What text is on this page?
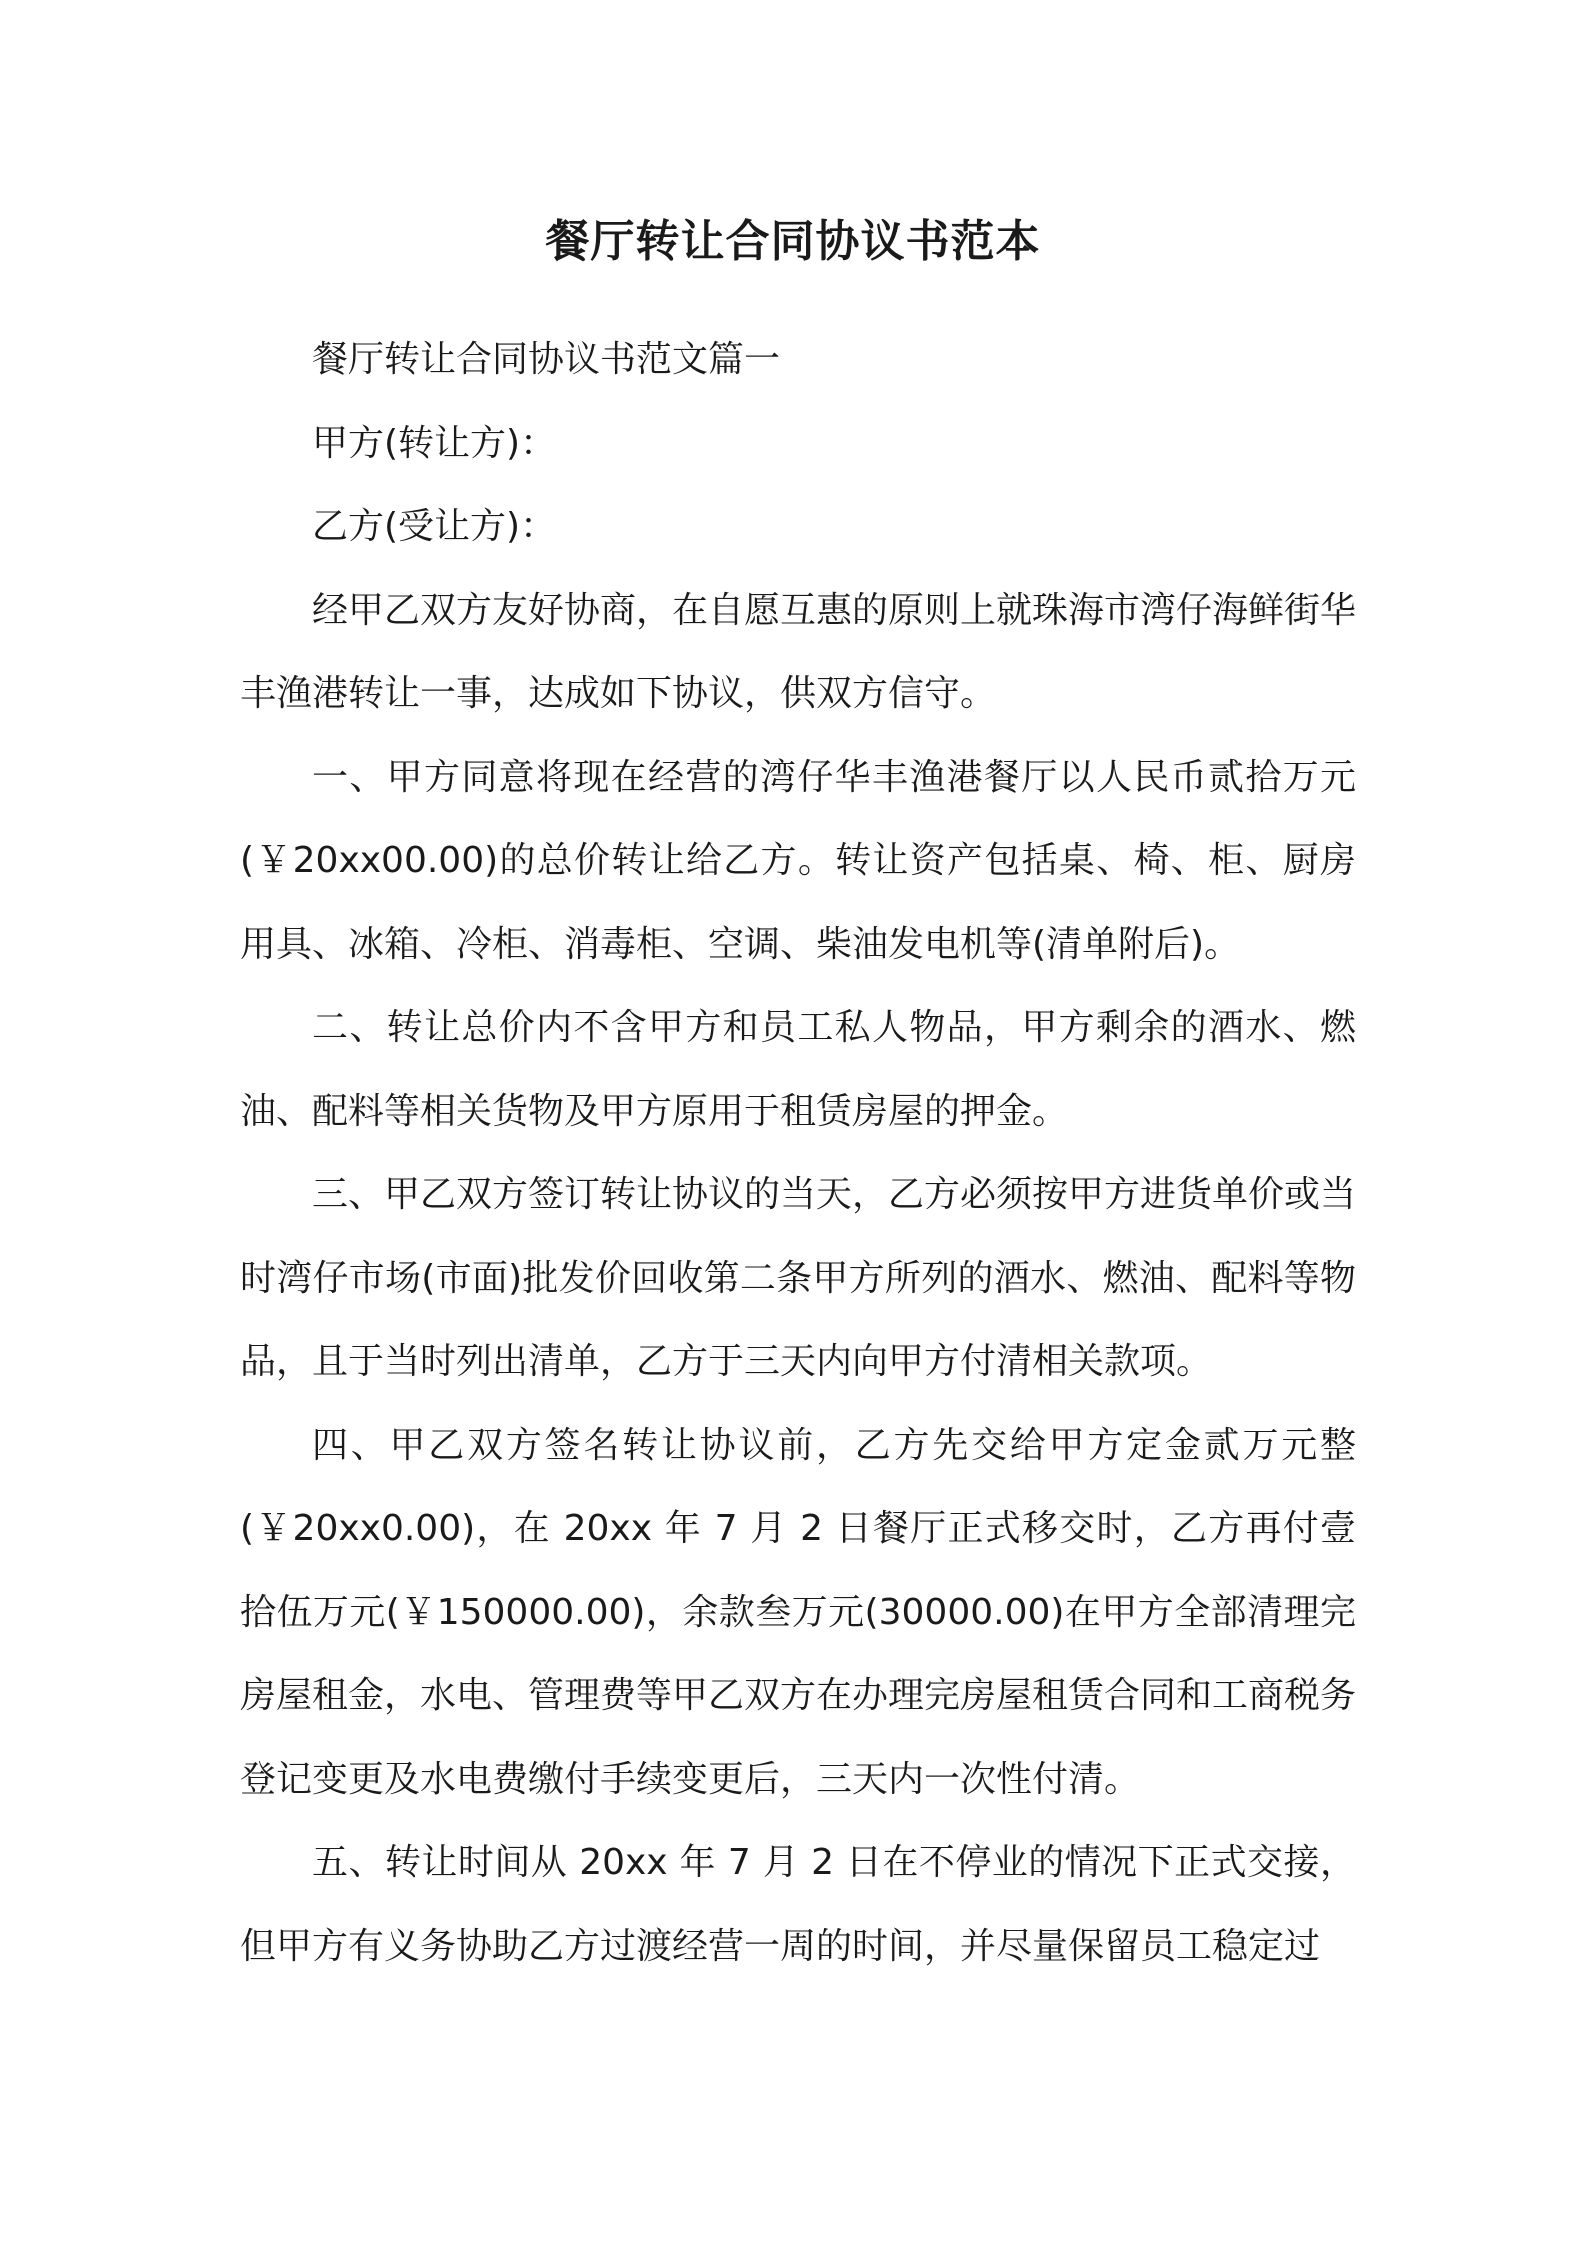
餐厅转让合同协议书范本

餐厅转让合同协议书范文篇一

甲方(转让方)：

乙方(受让方)：

经甲乙双方友好协商，在自愿互惠的原则上就珠海市湾仔海鲜街华丰渔港转让一事，达成如下协议，供双方信守。

一、甲方同意将现在经营的湾仔华丰渔港餐厅以人民币贰拾万元(￥20xx00.00)的总价转让给乙方。转让资产包括桌、椅、柜、厨房用具、冰箱、冷柜、消毒柜、空调、柴油发电机等(清单附后)。

二、转让总价内不含甲方和员工私人物品，甲方剩余的酒水、燃油、配料等相关货物及甲方原用于租赁房屋的押金。

三、甲乙双方签订转让协议的当天，乙方必须按甲方进货单价或当时湾仔市场(市面)批发价回收第二条甲方所列的酒水、燃油、配料等物品，且于当时列出清单，乙方于三天内向甲方付清相关款项。

四、甲乙双方签名转让协议前，乙方先交给甲方定金贰万元整(￥20xx0.00)，在 20xx 年 7 月 2 日餐厅正式移交时，乙方再付壹拾伍万元(￥150000.00)，余款叁万元(30000.00)在甲方全部清理完房屋租金，水电、管理费等甲乙双方在办理完房屋租赁合同和工商税务登记变更及水电费缴付手续变更后，三天内一次性付清。

五、转让时间从 20xx 年 7 月 2 日在不停业的情况下正式交接，但甲方有义务协助乙方过渡经营一周的时间，并尽量保留员工稳定过
